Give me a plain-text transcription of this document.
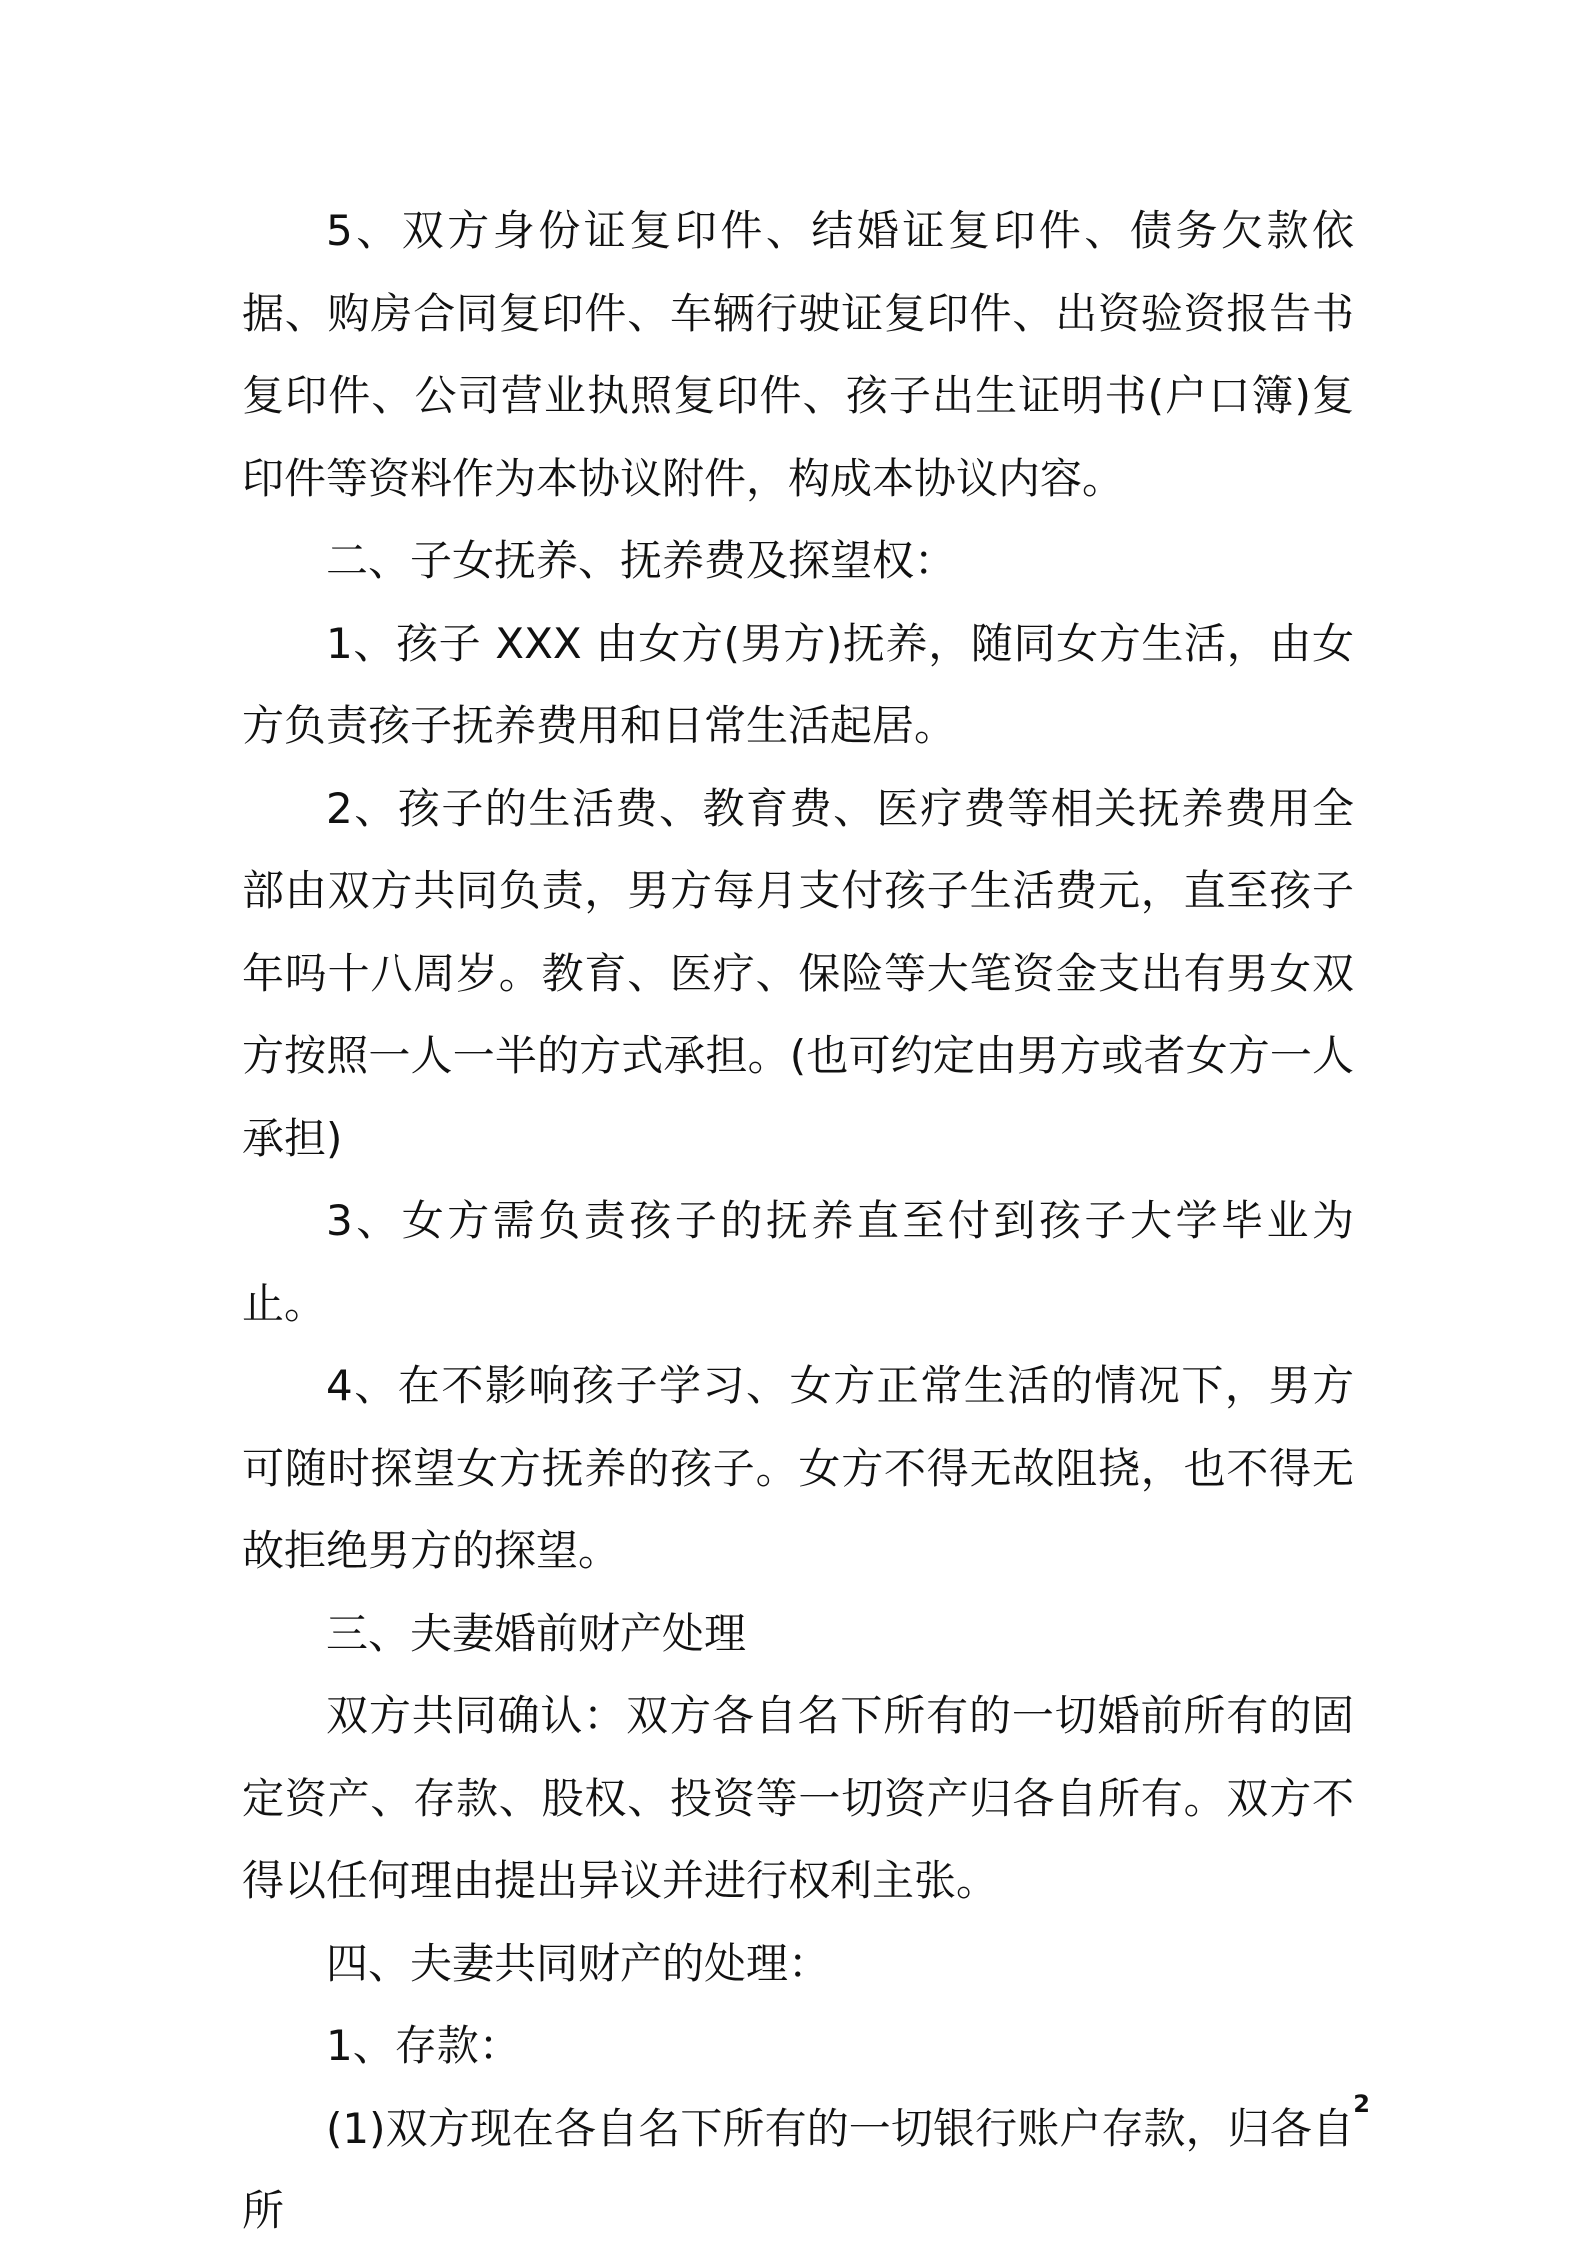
5、双方身份证复印件、结婚证复印件、债务欠款依据、购房合同复印件、车辆行驶证复印件、出资验资报告书复印件、公司营业执照复印件、孩子出生证明书(户口簿)复印件等资料作为本协议附件，构成本协议内容。

二、子女抚养、抚养费及探望权：

1、孩子 XXX 由女方(男方)抚养，随同女方生活，由女方负责孩子抚养费用和日常生活起居。

2、孩子的生活费、教育费、医疗费等相关抚养费用全部由双方共同负责，男方每月支付孩子生活费元，直至孩子年吗十八周岁。教育、医疗、保险等大笔资金支出有男女双方按照一人一半的方式承担。(也可约定由男方或者女方一人承担)

3、女方需负责孩子的抚养直至付到孩子大学毕业为止。

4、在不影响孩子学习、女方正常生活的情况下，男方可随时探望女方抚养的孩子。女方不得无故阻挠，也不得无故拒绝男方的探望。

三、夫妻婚前财产处理

双方共同确认：双方各自名下所有的一切婚前所有的固定资产、存款、股权、投资等一切资产归各自所有。双方不得以任何理由提出异议并进行权利主张。

四、夫妻共同财产的处理：

1、存款：

(1)双方现在各自名下所有的一切银行账户存款，归各自所

2
